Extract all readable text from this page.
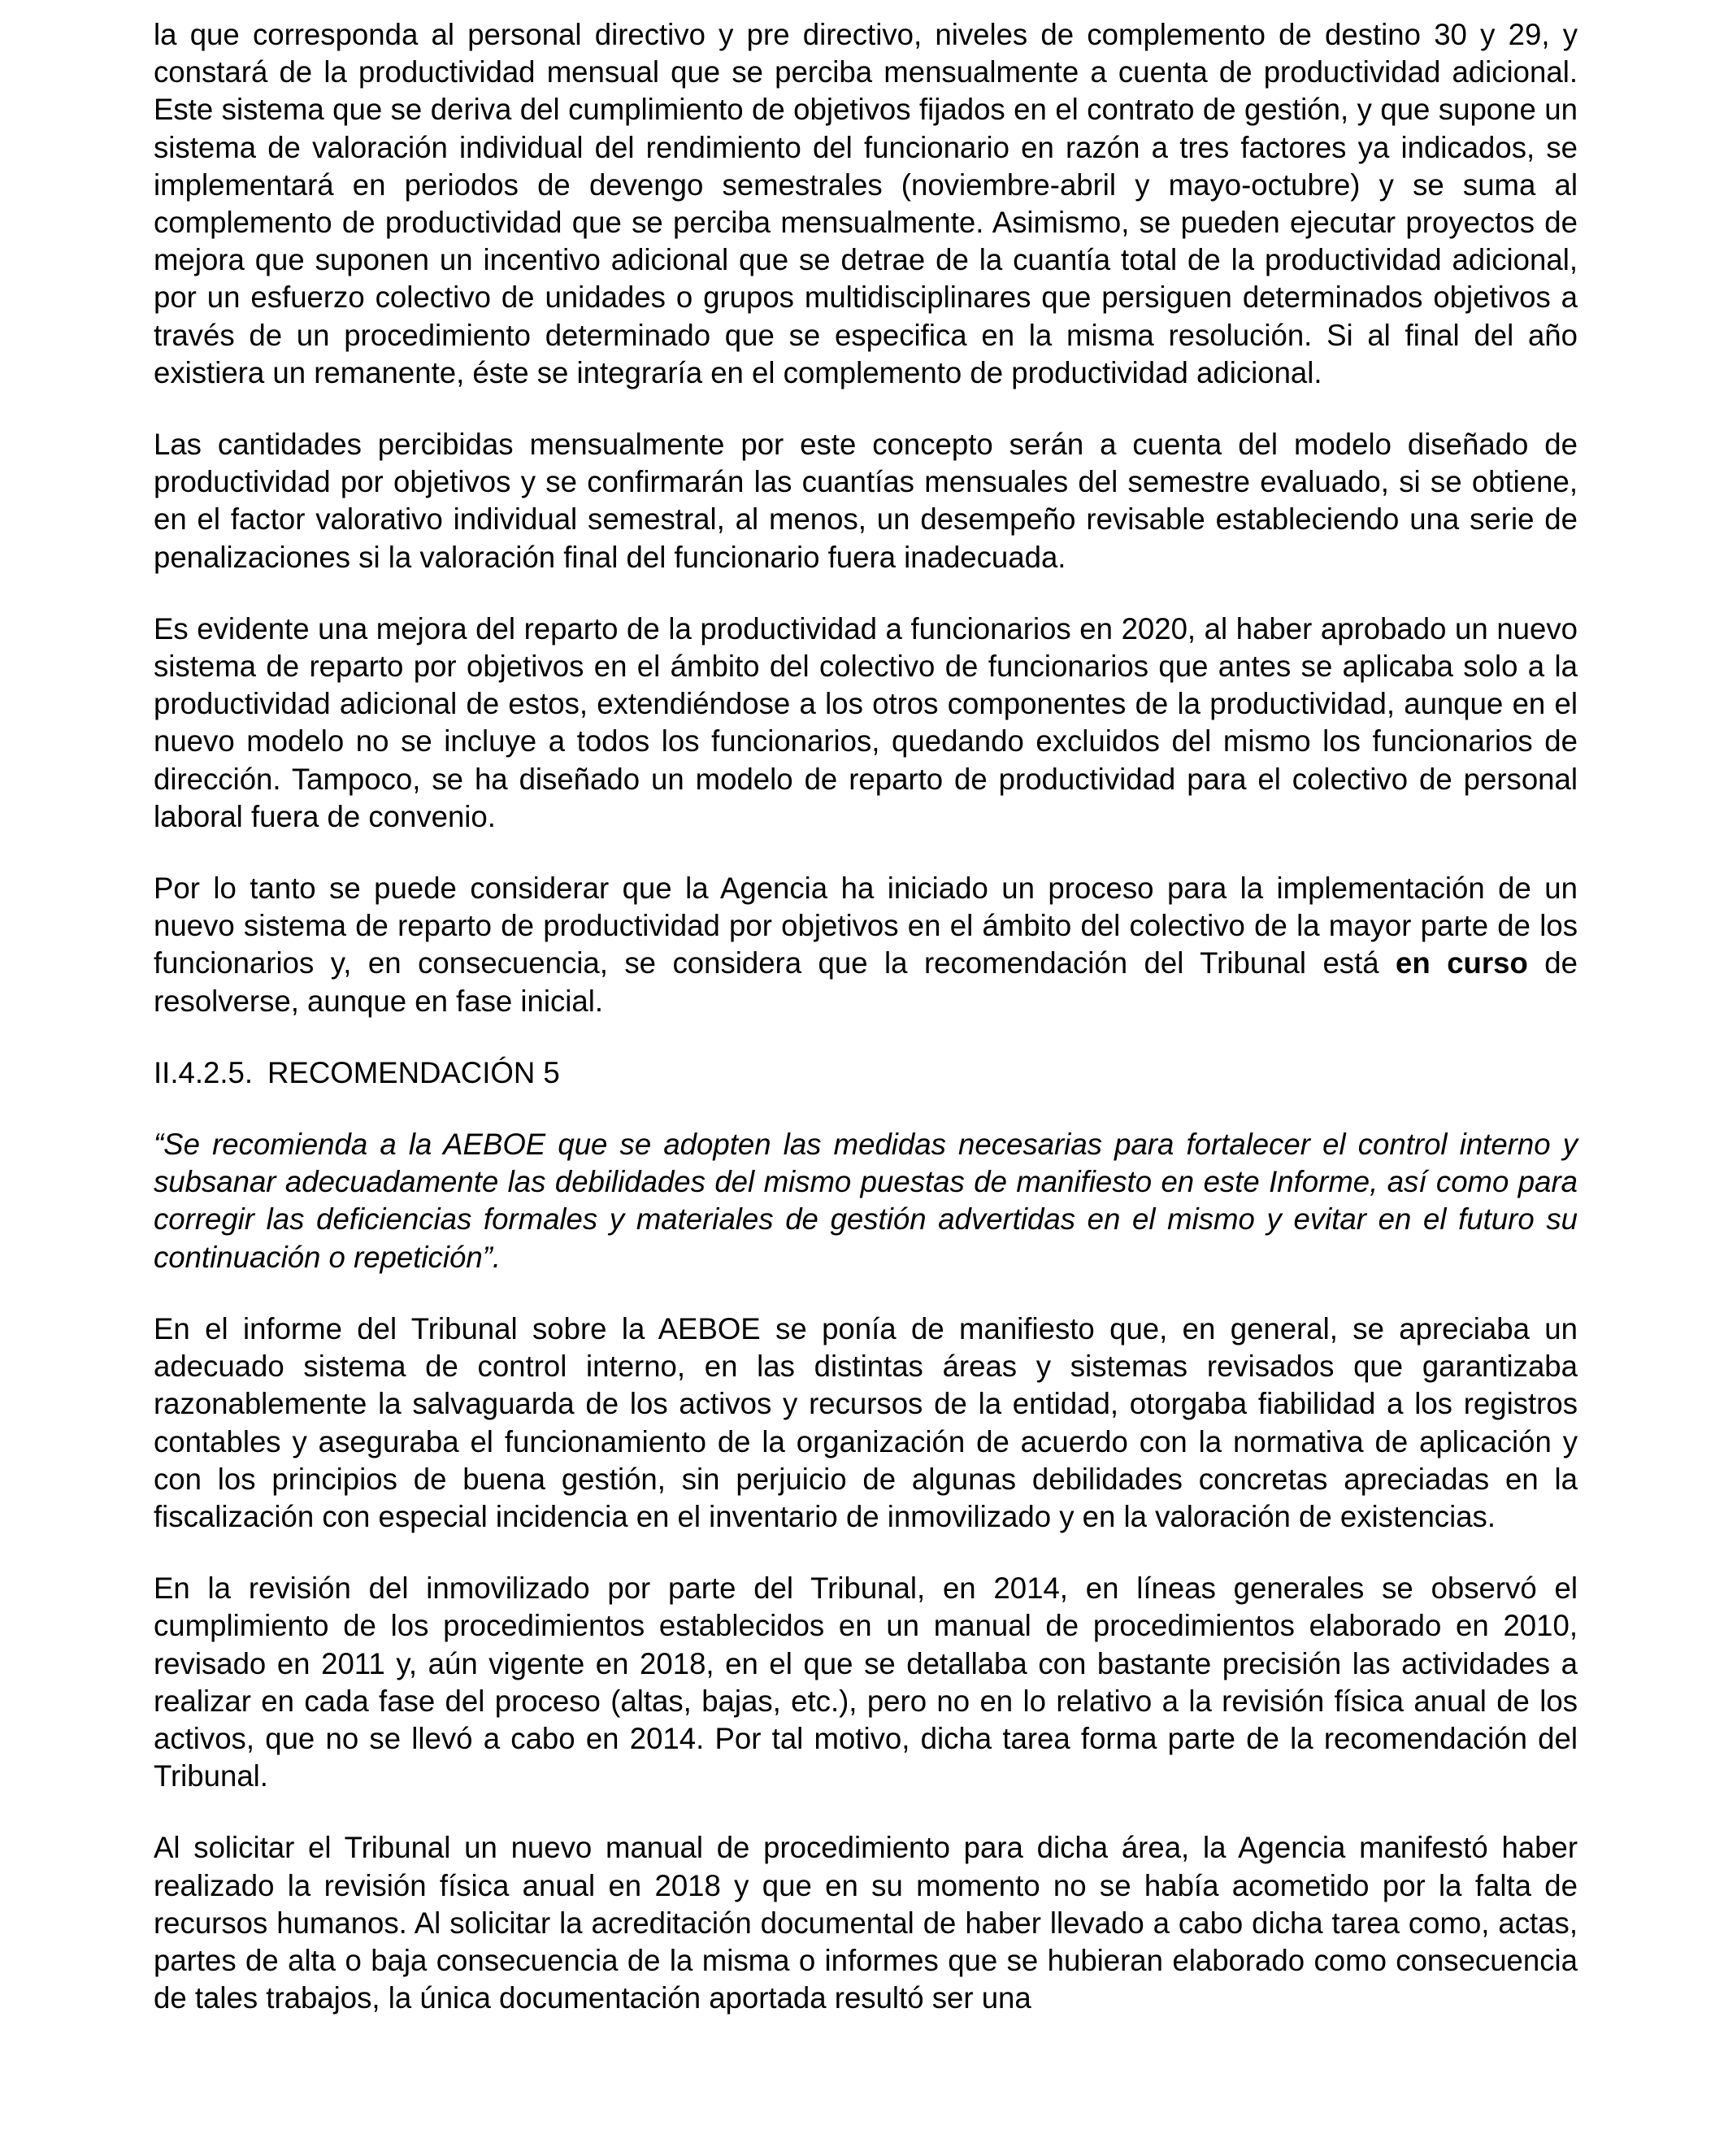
la que corresponda al personal directivo y pre directivo, niveles de complemento de destino 30 y 29, y constará de la productividad mensual que se perciba mensualmente a cuenta de productividad adicional. Este sistema que se deriva del cumplimiento de objetivos fijados en el contrato de gestión, y que supone un sistema de valoración individual del rendimiento del funcionario en razón a tres factores ya indicados, se implementará en periodos de devengo semestrales (noviembre-abril y mayo-octubre) y se suma al complemento de productividad que se perciba mensualmente. Asimismo, se pueden ejecutar proyectos de mejora que suponen un incentivo adicional que se detrae de la cuantía total de la productividad adicional, por un esfuerzo colectivo de unidades o grupos multidisciplinares que persiguen determinados objetivos a través de un procedimiento determinado que se especifica en la misma resolución. Si al final del año existiera un remanente, éste se integraría en el complemento de productividad adicional.

Las cantidades percibidas mensualmente por este concepto serán a cuenta del modelo diseñado de productividad por objetivos y se confirmarán las cuantías mensuales del semestre evaluado, si se obtiene, en el factor valorativo individual semestral, al menos, un desempeño revisable estableciendo una serie de penalizaciones si la valoración final del funcionario fuera inadecuada.

Es evidente una mejora del reparto de la productividad a funcionarios en 2020, al haber aprobado un nuevo sistema de reparto por objetivos en el ámbito del colectivo de funcionarios que antes se aplicaba solo a la productividad adicional de estos, extendiéndose a los otros componentes de la productividad, aunque en el nuevo modelo no se incluye a todos los funcionarios, quedando excluidos del mismo los funcionarios de dirección. Tampoco, se ha diseñado un modelo de reparto de productividad para el colectivo de personal laboral fuera de convenio.

Por lo tanto se puede considerar que la Agencia ha iniciado un proceso para la implementación de un nuevo sistema de reparto de productividad por objetivos en el ámbito del colectivo de la mayor parte de los funcionarios y, en consecuencia, se considera que la recomendación del Tribunal está en curso de resolverse, aunque en fase inicial.

II.4.2.5. RECOMENDACIÓN 5

“Se recomienda a la AEBOE que se adopten las medidas necesarias para fortalecer el control interno y subsanar adecuadamente las debilidades del mismo puestas de manifiesto en este Informe, así como para corregir las deficiencias formales y materiales de gestión advertidas en el mismo y evitar en el futuro su continuación o repetición”.

En el informe del Tribunal sobre la AEBOE se ponía de manifiesto que, en general, se apreciaba un adecuado sistema de control interno, en las distintas áreas y sistemas revisados que garantizaba razonablemente la salvaguarda de los activos y recursos de la entidad, otorgaba fiabilidad a los registros contables y aseguraba el funcionamiento de la organización de acuerdo con la normativa de aplicación y con los principios de buena gestión, sin perjuicio de algunas debilidades concretas apreciadas en la fiscalización con especial incidencia en el inventario de inmovilizado y en la valoración de existencias.

En la revisión del inmovilizado por parte del Tribunal, en 2014, en líneas generales se observó el cumplimiento de los procedimientos establecidos en un manual de procedimientos elaborado en 2010, revisado en 2011 y, aún vigente en 2018, en el que se detallaba con bastante precisión las actividades a realizar en cada fase del proceso (altas, bajas, etc.), pero no en lo relativo a la revisión física anual de los activos, que no se llevó a cabo en 2014. Por tal motivo, dicha tarea forma parte de la recomendación del Tribunal.

Al solicitar el Tribunal un nuevo manual de procedimiento para dicha área, la Agencia manifestó haber realizado la revisión física anual en 2018 y que en su momento no se había acometido por la falta de recursos humanos. Al solicitar la acreditación documental de haber llevado a cabo dicha tarea como, actas, partes de alta o baja consecuencia de la misma o informes que se hubieran elaborado como consecuencia de tales trabajos, la única documentación aportada resultó ser una
